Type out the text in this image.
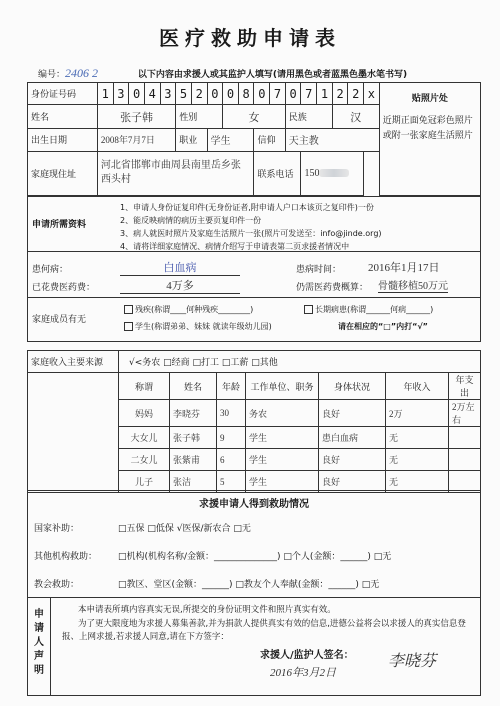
医疗救助申请表
编号：2406 2	以下内容由求援人或其监护人填写(请用黑色或者蓝黑色墨水笔书写)
身份证号码	1	3	0	4	3	5	2	0	0	8	0	7	0	7	1	2	2	x	贴照片处
近期正面免冠彩色照片或附一张家庭生活照片

姓名	张子韩					性别			女				民族			汉			
出生日期	2008年7月7日					职业		学生			信仰		天主教						
家庭现住址	河北省邯郸市曲周县南里岳乡张西头村										联系电话			150					
申请所需资料
1、申请人身份证复印件(无身份证者,附申请人户口本该页之复印件)一份
2、能反映病情的病历主要页复印件一份
3、病人就医时照片及家庭生活照片一张(照片可发送至：info@jinde.org)
4、请将详细家庭情况、病情介绍写于申请表第二页求援者情况中
患何病：	白血病	患病时间： 2016年1月17日
已花费医药费：	4万多	仍需医药费概算： 骨髓移植50万元
家庭成员有无
残疾(称谓____何种残疾________)	长期病患(称谓______何病______)
学生(称谓弟弟、妹妹 就读年级幼儿园)	请在相应的“□”内打“√”
家庭收入主要来源	√<务农 □经商 □打工 □工薪 □其他						
	称谓	姓名	年龄	工作单位、职务	身体状况	年收入	年支出
	妈妈	李晓芬	30	务农	良好	2万	2万左右
	大女儿	张子韩	9	学生	患白血病	无	
	二女儿	张紫甫	6	学生	良好	无	
	儿子	张洁	5	学生	良好	无	
求援申请人得到救助情况
国家补助：	□五保 □低保 √医保/新农合 □无
其他机构救助： □机构(机构名称/金额：______________) □个人(金额：______) □无
教会救助：	□教区、堂区(金额：______) □教友个人奉献(金额：______) □无
申请人声明
本申请表所填内容真实无误,所提交的身份证明文件和照片真实有效。
为了更大限度地为求援人募集善款,并为捐款人提供真实有效的信息,进德公益将会以求援人的真实信息登报、上网求援,若求援人同意,请在下方签字：
求援人/监护人签名： 李晓芬
2016年3月2日
